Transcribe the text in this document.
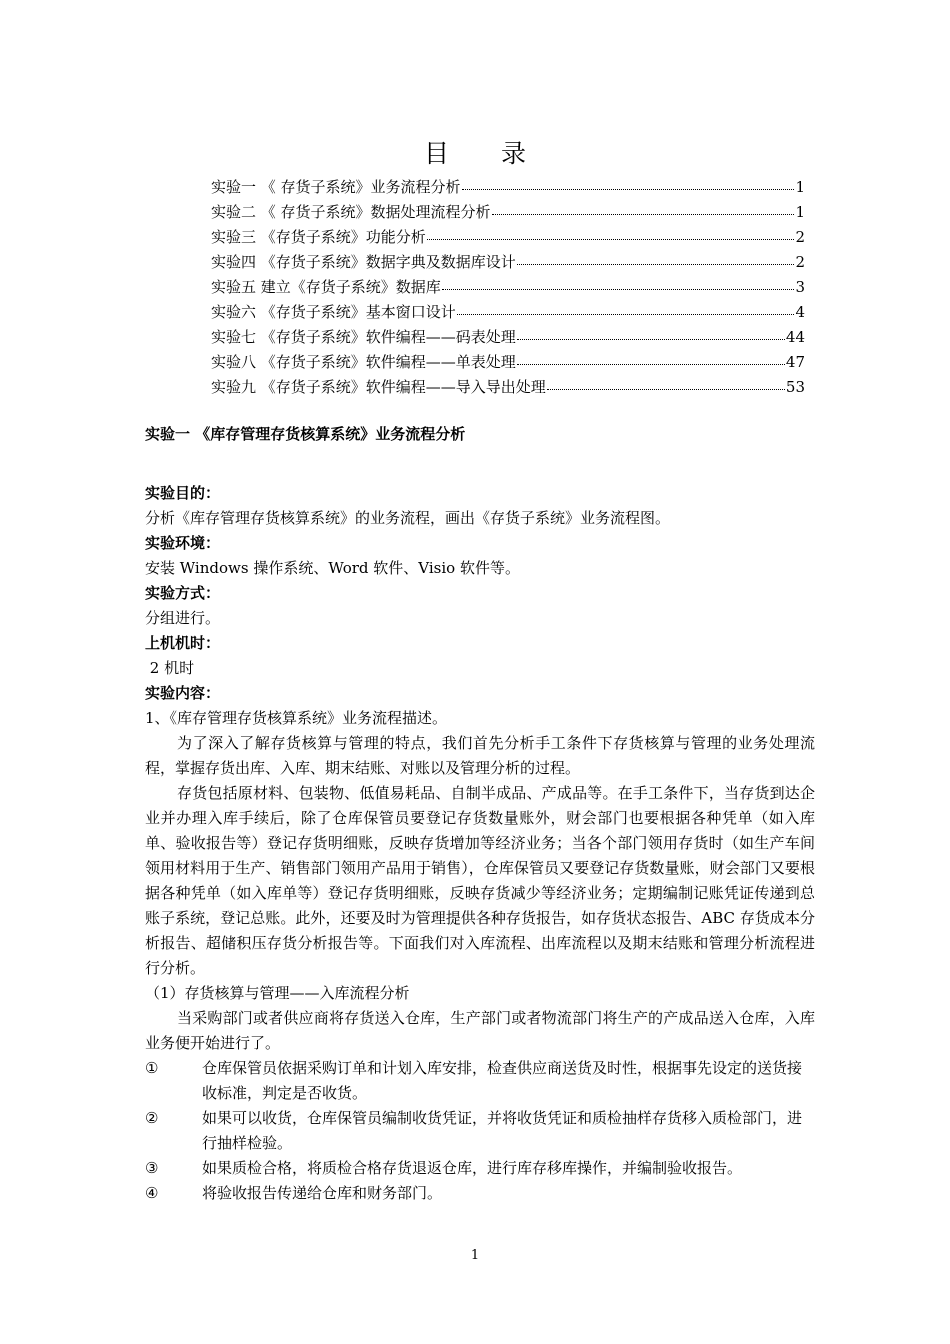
目 录
实验一 《 存货子系统》业务流程分析	1
实验二 《 存货子系统》数据处理流程分析	1
实验三 《存货子系统》功能分析	2
实验四 《存货子系统》数据字典及数据库设计	2
实验五 建立《存货子系统》数据库	3
实验六 《存货子系统》基本窗口设计	4
实验七 《存货子系统》软件编程——码表处理	44
实验八 《存货子系统》软件编程——单表处理	47
实验九 《存货子系统》软件编程——导入导出处理	53
实验一 《库存管理存货核算系统》业务流程分析
实验目的：
分析《库存管理存货核算系统》的业务流程，画出《存货子系统》业务流程图。
实验环境：
安装 Windows 操作系统、Word 软件、Visio 软件等。
实验方式：
分组进行。
上机机时：
2 机时
实验内容：
1、《库存管理存货核算系统》业务流程描述。
为了深入了解存货核算与管理的特点，我们首先分析手工条件下存货核算与管理的业务处理流程，掌握存货出库、入库、期末结账、对账以及管理分析的过程。
存货包括原材料、包装物、低值易耗品、自制半成品、产成品等。在手工条件下，当存货到达企业并办理入库手续后，除了仓库保管员要登记存货数量账外，财会部门也要根据各种凭单（如入库单、验收报告等）登记存货明细账，反映存货增加等经济业务；当各个部门领用存货时（如生产车间领用材料用于生产、销售部门领用产品用于销售），仓库保管员又要登记存货数量账，财会部门又要根据各种凭单（如入库单等）登记存货明细账，反映存货减少等经济业务；定期编制记账凭证传递到总账子系统，登记总账。此外，还要及时为管理提供各种存货报告，如存货状态报告、ABC 存货成本分析报告、超储积压存货分析报告等。下面我们对入库流程、出库流程以及期末结账和管理分析流程进行分析。
（1）存货核算与管理——入库流程分析
当采购部门或者供应商将存货送入仓库，生产部门或者物流部门将生产的产成品送入仓库，入库业务便开始进行了。
①	仓库保管员依据采购订单和计划入库安排，检查供应商送货及时性，根据事先设定的送货接收标准，判定是否收货。
②	如果可以收货，仓库保管员编制收货凭证，并将收货凭证和质检抽样存货移入质检部门，进行抽样检验。
③	如果质检合格，将质检合格存货退返仓库，进行库存移库操作，并编制验收报告。
④	将验收报告传递给仓库和财务部门。
1
